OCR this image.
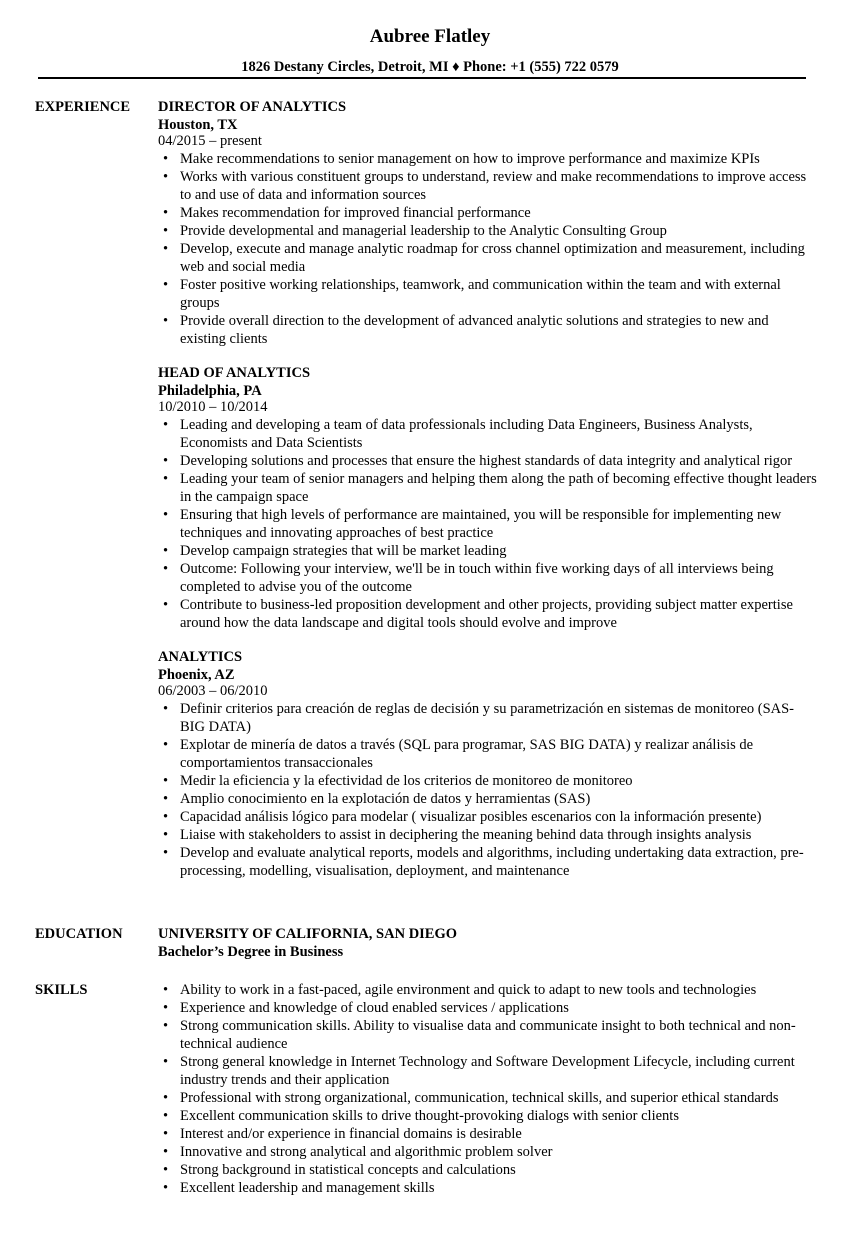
Aubree Flatley
1826 Destany Circles, Detroit, MI ♦ Phone: +1 (555) 722 0579
EXPERIENCE DIRECTOR OF ANALYTICS
Houston, TX
04/2015 – present
• Make recommendations to senior management on how to improve performance and maximize KPIs
• Works with various constituent groups to understand, review and make recommendations to improve access to and use of data and information sources
• Makes recommendation for improved financial performance
• Provide developmental and managerial leadership to the Analytic Consulting Group
• Develop, execute and manage analytic roadmap for cross channel optimization and measurement, including web and social media
• Foster positive working relationships, teamwork, and communication within the team and with external groups
• Provide overall direction to the development of advanced analytic solutions and strategies to new and existing clients
HEAD OF ANALYTICS
Philadelphia, PA
10/2010 – 10/2014
• Leading and developing a team of data professionals including Data Engineers, Business Analysts, Economists and Data Scientists
• Developing solutions and processes that ensure the highest standards of data integrity and analytical rigor
• Leading your team of senior managers and helping them along the path of becoming effective thought leaders in the campaign space
• Ensuring that high levels of performance are maintained, you will be responsible for implementing new techniques and innovating approaches of best practice
• Develop campaign strategies that will be market leading
• Outcome: Following your interview, we'll be in touch within five working days of all interviews being completed to advise you of the outcome
• Contribute to business-led proposition development and other projects, providing subject matter expertise around how the data landscape and digital tools should evolve and improve
ANALYTICS
Phoenix, AZ
06/2003 – 06/2010
• Definir criterios para creación de reglas de decisión y su parametrización en sistemas de monitoreo (SAS-BIG DATA)
• Explotar de minería de datos a través (SQL para programar, SAS BIG DATA) y realizar análisis de comportamientos transaccionales
• Medir la eficiencia y la efectividad de los criterios de monitoreo de monitoreo
• Amplio conocimiento en la explotación de datos y herramientas (SAS)
• Capacidad análisis lógico para modelar ( visualizar posibles escenarios con la información presente)
• Liaise with stakeholders to assist in deciphering the meaning behind data through insights analysis
• Develop and evaluate analytical reports, models and algorithms, including undertaking data extraction, pre-processing, modelling, visualisation, deployment, and maintenance
EDUCATION UNIVERSITY OF CALIFORNIA, SAN DIEGO
Bachelor’s Degree in Business
SKILLS
•	Ability to work in a fast-paced, agile environment and quick to adapt to new tools and technologies
• Experience and knowledge of cloud enabled services / applications
• Strong communication skills. Ability to visualise data and communicate insight to both technical and non-technical audience
• Strong general knowledge in Internet Technology and Software Development Lifecycle, including current industry trends and their application
• Professional with strong organizational, communication, technical skills, and superior ethical standards
• Excellent communication skills to drive thought-provoking dialogs with senior clients
• Interest and/or experience in financial domains is desirable
• Innovative and strong analytical and algorithmic problem solver
• Strong background in statistical concepts and calculations
• Excellent leadership and management skills
